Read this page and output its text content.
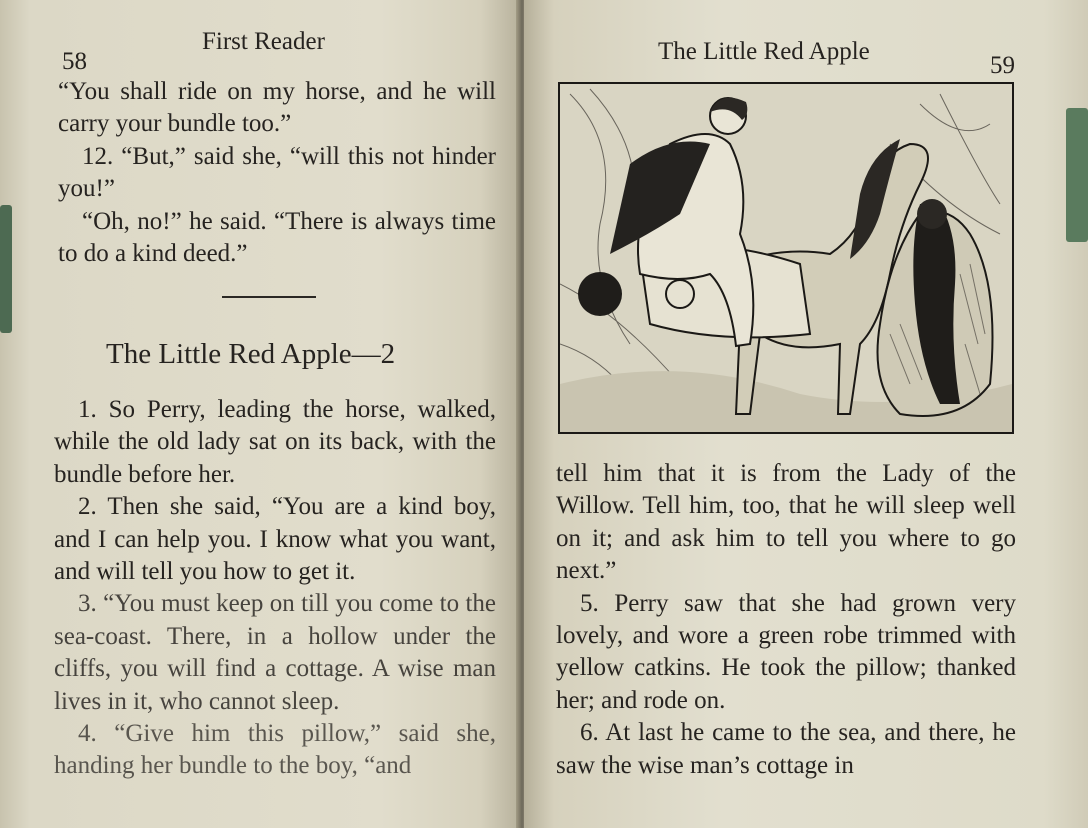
58
First Reader

“You shall ride on my horse, and he will carry your bundle too.”

12. “But,” said she, “will this not hinder you!”

“Oh, no!” he said. “There is always time to do a kind deed.”

The Little Red Apple—2

1. So Perry, leading the horse, walked, while the old lady sat on its back, with the bundle before her.

2. Then she said, “You are a kind boy, and I can help you. I know what you want, and will tell you how to get it.

3. “You must keep on till you come to the sea-coast. There, in a hollow under the cliffs, you will find a cottage. A wise man lives in it, who cannot sleep.

4. “Give him this pillow,” said she, handing her bundle to the boy, “and

The Little Red Apple
59

tell him that it is from the Lady of the Willow. Tell him, too, that he will sleep well on it; and ask him to tell you where to go next.”

5. Perry saw that she had grown very lovely, and wore a green robe trimmed with yellow catkins. He took the pillow; thanked her; and rode on.

6. At last he came to the sea, and there, he saw the wise man’s cottage in
